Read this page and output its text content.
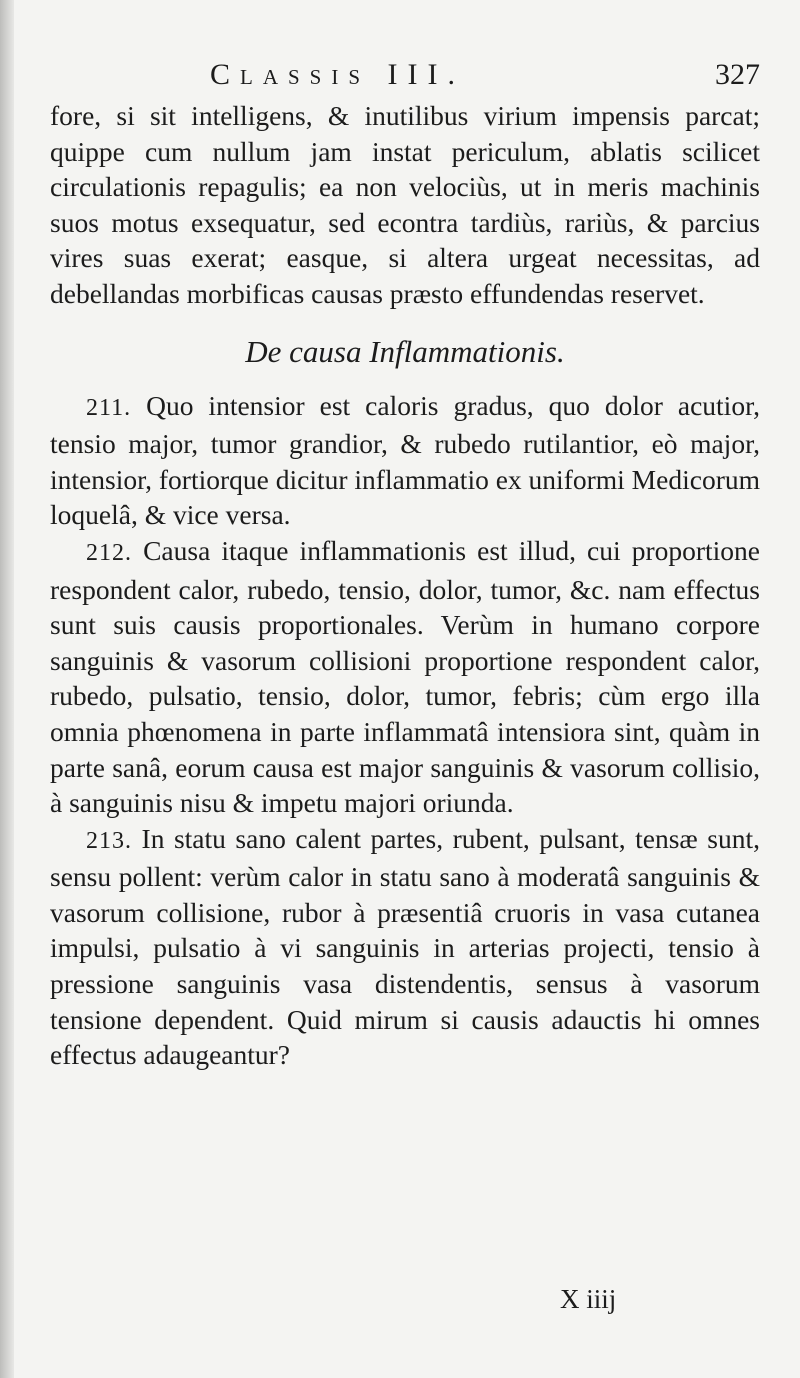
Classis III.	327

fore, si sit intelligens, & inutilibus virium impensis parcat; quippe cum nullum jam instat periculum, ablatis scilicet circulationis repagulis; ea non velociùs, ut in meris machinis suos motus exsequatur, sed econtra tardiùs, rariùs, & parcius vires suas exerat; easque, si altera urgeat necessitas, ad debellandas morbificas causas præsto effundendas reservet.

De causa Inflammationis.

211. Quo intensior est caloris gradus, quo dolor acutior, tensio major, tumor grandior, & rubedo rutilantior, eò major, intensior, fortiorque dicitur inflammatio ex uniformi Medicorum loquelâ, & vice versa.

212. Causa itaque inflammationis est illud, cui proportione respondent calor, rubedo, tensio, dolor, tumor, &c. nam effectus sunt suis causis proportionales. Verùm in humano corpore sanguinis & vasorum collisioni proportione respondent calor, rubedo, pulsatio, tensio, dolor, tumor, febris; cùm ergo illa omnia phœnomena in parte inflammatâ intensiora sint, quàm in parte sanâ, eorum causa est major sanguinis & vasorum collisio, à sanguinis nisu & impetu majori oriunda.

213. In statu sano calent partes, rubent, pulsant, tensæ sunt, sensu pollent: verùm calor in statu sano à moderatâ sanguinis & vasorum collisione, rubor à præsentiâ cruoris in vasa cutanea impulsi, pulsatio à vi sanguinis in arterias projecti, tensio à pressione sanguinis vasa distendentis, sensus à vasorum tensione dependent. Quid mirum si causis adauctis hi omnes effectus adaugeantur?

X iiij
